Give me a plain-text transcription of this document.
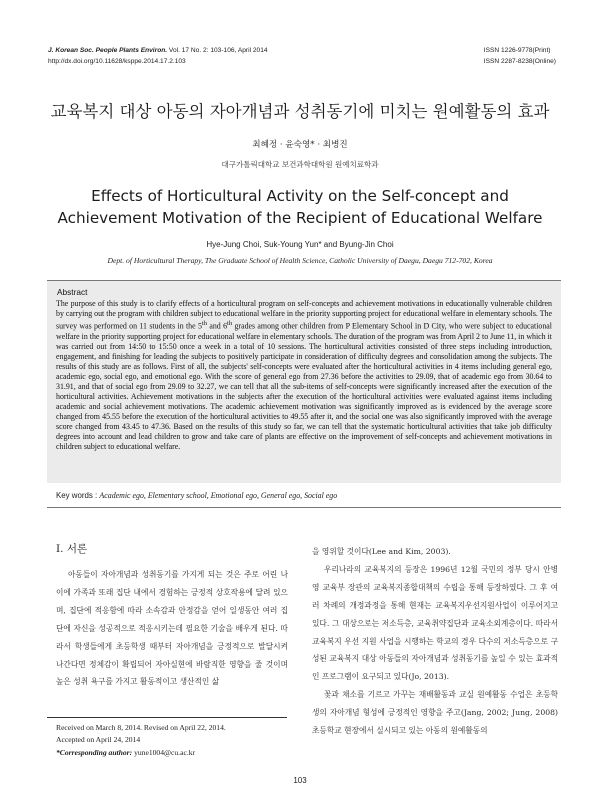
J. Korean Soc. People Plants Environ. Vol. 17 No. 2: 103-106, April 2014
http://dx.doi.org/10.11628/ksppe.2014.17.2.103
ISSN 1226-9778(Print)
ISSN 2287-8238(Online)
교육복지 대상 아동의 자아개념과 성취동기에 미치는 원예활동의 효과
최혜정 · 윤숙영* · 최병진
대구가톨릭대학교 보건과학대학원 원예치료학과
Effects of Horticultural Activity on the Self-concept and
Achievement Motivation of the Recipient of Educational Welfare
Hye-Jung Choi, Suk-Young Yun* and Byung-Jin Choi
Dept. of Horticultural Therapy, The Graduate School of Health Science, Catholic University of Daegu, Daegu 712-702, Korea
Abstract
The purpose of this study is to clarify effects of a horticultural program on self-concepts and achievement motivations in educationally vulnerable children by carrying out the program with children subject to educational welfare in the priority supporting project for educational welfare in elementary schools. The survey was performed on 11 students in the 5th and 6th grades among other children from P Elementary School in D City, who were subject to educational welfare in the priority supporting project for educational welfare in elementary schools. The duration of the program was from April 2 to June 11, in which it was carried out from 14:50 to 15:50 once a week in a total of 10 sessions. The horticultural activities consisted of three steps including introduction, engagement, and finishing for leading the subjects to positively participate in consideration of difficulty degrees and consolidation among the subjects. The results of this study are as follows. First of all, the subjects' self-concepts were evaluated after the horticultural activities in 4 items including general ego, academic ego, social ego, and emotional ego. With the score of general ego from 27.36 before the activities to 29.09, that of academic ego from 30.64 to 31.91, and that of social ego from 29.09 to 32.27, we can tell that all the sub-items of self-concepts were significantly increased after the execution of the horticultural activities. Achievement motivations in the subjects after the execution of the horticultural activities were evaluated against items including academic and social achievement motivations. The academic achievement motivation was significantly improved as is evidenced by the average score changed from 45.55 before the execution of the horticultural activities to 49.55 after it, and the social one was also significantly improved with the average score changed from 43.45 to 47.36. Based on the results of this study so far, we can tell that the systematic horticultural activities that take job difficulty degrees into account and lead children to grow and take care of plants are effective on the improvement of self-concepts and achievement motivations in children subject to educational welfare.
Key words : Academic ego, Elementary school, Emotional ego, General ego, Social ego
Ⅰ. 서론

아동들이 자아개념과 성취동기를 가지게 되는 것은 주로 어린 나이에 가족과 또래 집단 내에서 경험하는 긍정적 상호작용에 달려 있으며, 집단에 적응함에 따라 소속감과 안정감을 얻어 일생동안 여러 집단에 자신을 성공적으로 적응시키는데 필요한 기술을 배우게 된다. 따라서 학생들에게 초등학생 때부터 자아개념을 긍정적으로 발달시켜 나간다면 정체감이 확립되어 자아실현에 바람직한 영향을 줄 것이며 높은 성취 욕구를 가지고 활동적이고 생산적인 삶

을 영위할 것이다(Lee and Kim, 2003).

우리나라의 교육복지의 등장은 1996년 12월 국민의 정부 당시 안병영 교육부 장관의 교육복지종합대책의 수립을 통해 등장하였다. 그 후 여러 차례의 개정과정을 통해 현재는 교육복지우선지원사업이 이루어지고 있다. 그 대상으로는 저소득층, 교육취약집단과 교육소외계층이다. 따라서 교육복지 우선 지원 사업을 시행하는 학교의 경우 다수의 저소득층으로 구성된 교육복지 대상 아동들의 자아개념과 성취동기를 높일 수 있는 효과적인 프로그램이 요구되고 있다(Jo, 2013).

꽃과 채소를 기르고 가꾸는 재배활동과 교실 원예활동 수업은 초등학생의 자아개념 형성에 긍정적인 영향을 주고(Jang, 2002; Jung, 2008) 초등학교 현장에서 실시되고 있는 아동의 원예활동의

Received on March 8, 2014. Revised on April 22, 2014.
Accepted on April 24, 2014
*Corresponding author: yune1004@cu.ac.kr
103
